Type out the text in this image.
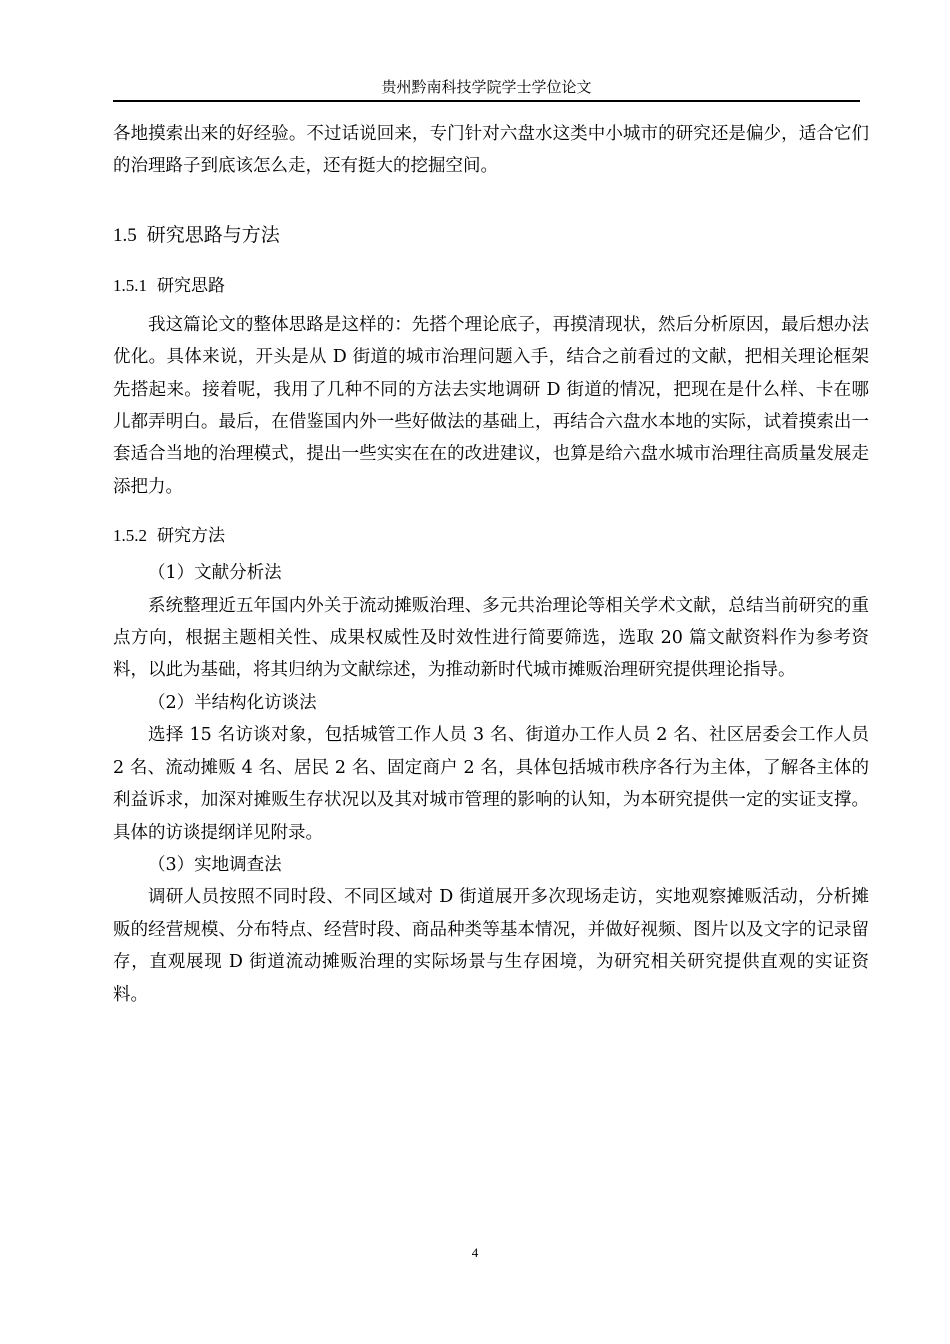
贵州黔南科技学院学士学位论文

各地摸索出来的好经验。不过话说回来，专门针对六盘水这类中小城市的研究还是偏少，适合它们的治理路子到底该怎么走，还有挺大的挖掘空间。

1.5 研究思路与方法
1.5.1 研究思路

我这篇论文的整体思路是这样的：先搭个理论底子，再摸清现状，然后分析原因，最后想办法优化。具体来说，开头是从 D 街道的城市治理问题入手，结合之前看过的文献，把相关理论框架先搭起来。接着呢，我用了几种不同的方法去实地调研 D 街道的情况，把现在是什么样、卡在哪儿都弄明白。最后，在借鉴国内外一些好做法的基础上，再结合六盘水本地的实际，试着摸索出一套适合当地的治理模式，提出一些实实在在的改进建议，也算是给六盘水城市治理往高质量发展走添把力。

1.5.2 研究方法

（1）文献分析法

系统整理近五年国内外关于流动摊贩治理、多元共治理论等相关学术文献，总结当前研究的重点方向，根据主题相关性、成果权威性及时效性进行简要筛选，选取 20 篇文献资料作为参考资料，以此为基础，将其归纳为文献综述，为推动新时代城市摊贩治理研究提供理论指导。

（2）半结构化访谈法

选择 15 名访谈对象，包括城管工作人员 3 名、街道办工作人员 2 名、社区居委会工作人员 2 名、流动摊贩 4 名、居民 2 名、固定商户 2 名，具体包括城市秩序各行为主体，了解各主体的利益诉求，加深对摊贩生存状况以及其对城市管理的影响的认知，为本研究提供一定的实证支撑。具体的访谈提纲详见附录。

（3）实地调查法

调研人员按照不同时段、不同区域对 D 街道展开多次现场走访，实地观察摊贩活动，分析摊贩的经营规模、分布特点、经营时段、商品种类等基本情况，并做好视频、图片以及文字的记录留存，直观展现 D 街道流动摊贩治理的实际场景与生存困境，为研究相关研究提供直观的实证资料。

4
